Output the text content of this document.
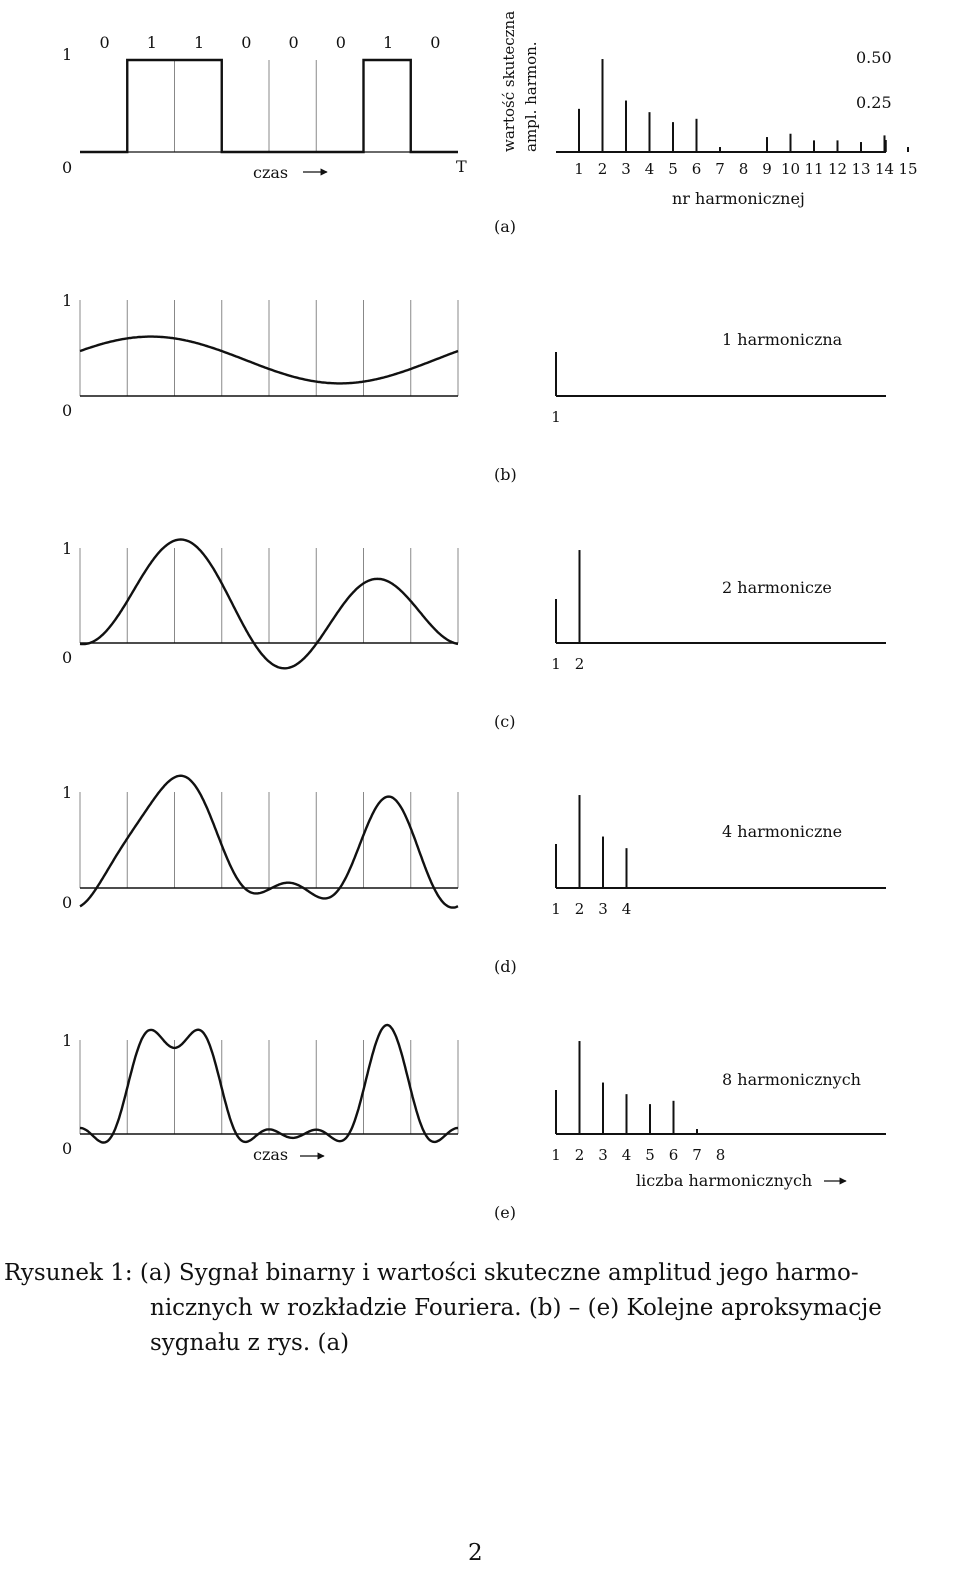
1
0
0 1 1 0 0 0 1 0
czas	T
wartość skuteczna ampl. harmon.	0.50
0.25
1 2 3 4 5 6 7 8 9 10 11 12 13 14 15
nr harmonicznej
(a)
1
0	1
1 harmoniczna
(b)
1
0	1 2
2 harmonicze
(c)
1
0	1 2 3 4
4 harmoniczne
(d)
1
0	1 2 3 4 5 6 7 8
8 harmonicznych
(e)
czas
liczba harmonicznych
Rysunek 1: (a) Sygnał binarny i wartości skuteczne amplitud jego harmo-
nicznych w rozkładzie Fouriera. (b) – (e) Kolejne aproksymacje
sygnału z rys. (a)
2
